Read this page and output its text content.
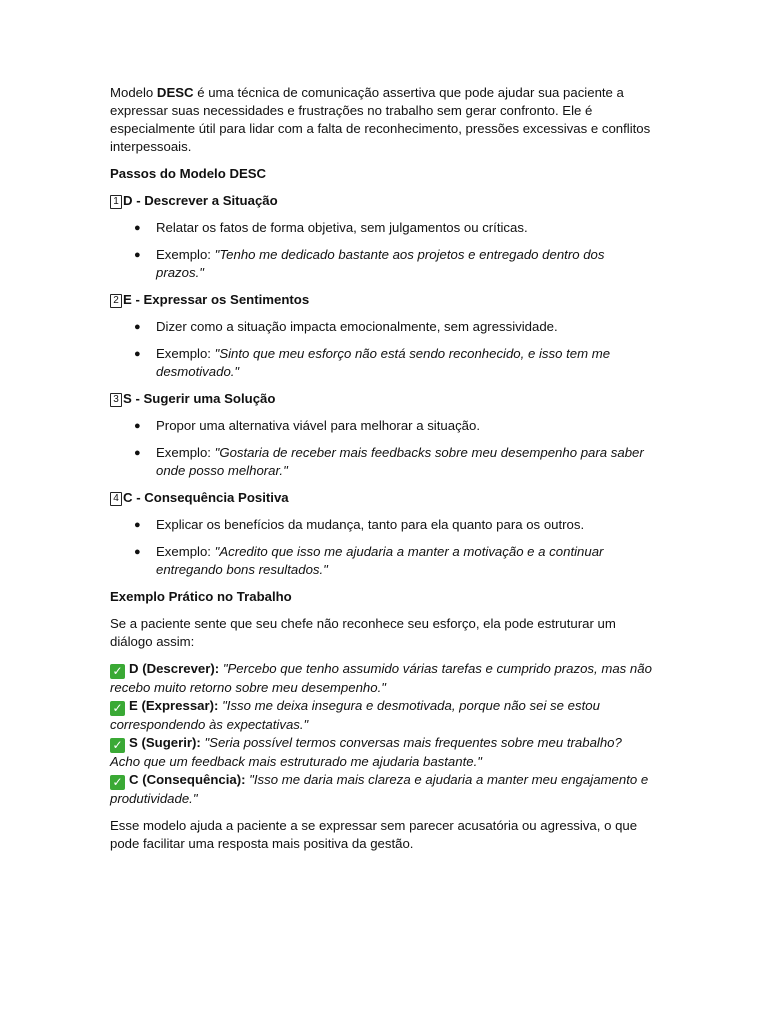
Modelo DESC é uma técnica de comunicação assertiva que pode ajudar sua paciente a expressar suas necessidades e frustrações no trabalho sem gerar confronto. Ele é especialmente útil para lidar com a falta de reconhecimento, pressões excessivas e conflitos interpessoais.

Passos do Modelo DESC

1 D - Descrever a Situação

● Relatar os fatos de forma objetiva, sem julgamentos ou críticas.
● Exemplo: "Tenho me dedicado bastante aos projetos e entregado dentro dos prazos."

2 E - Expressar os Sentimentos

● Dizer como a situação impacta emocionalmente, sem agressividade.
● Exemplo: "Sinto que meu esforço não está sendo reconhecido, e isso tem me desmotivado."

3 S - Sugerir uma Solução

● Propor uma alternativa viável para melhorar a situação.
● Exemplo: "Gostaria de receber mais feedbacks sobre meu desempenho para saber onde posso melhorar."

4 C - Consequência Positiva

● Explicar os benefícios da mudança, tanto para ela quanto para os outros.
● Exemplo: "Acredito que isso me ajudaria a manter a motivação e a continuar entregando bons resultados."

Exemplo Prático no Trabalho

Se a paciente sente que seu chefe não reconhece seu esforço, ela pode estruturar um diálogo assim:

✓ D (Descrever): "Percebo que tenho assumido várias tarefas e cumprido prazos, mas não recebo muito retorno sobre meu desempenho."

✓ E (Expressar): "Isso me deixa insegura e desmotivada, porque não sei se estou correspondendo às expectativas."

✓ S (Sugerir): "Seria possível termos conversas mais frequentes sobre meu trabalho? Acho que um feedback mais estruturado me ajudaria bastante."

✓ C (Consequência): "Isso me daria mais clareza e ajudaria a manter meu engajamento e produtividade."

Esse modelo ajuda a paciente a se expressar sem parecer acusatória ou agressiva, o que pode facilitar uma resposta mais positiva da gestão.
